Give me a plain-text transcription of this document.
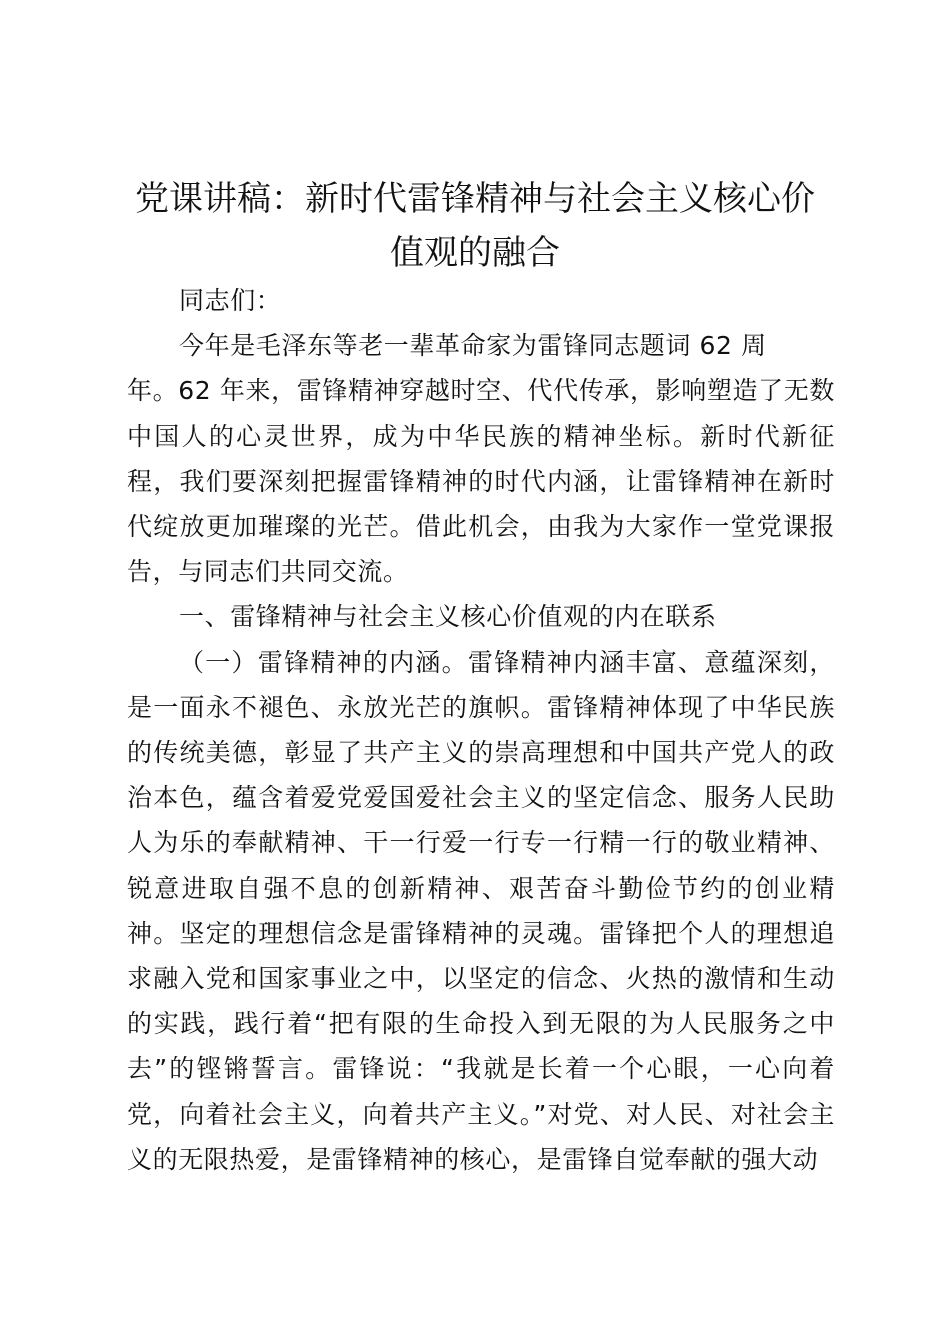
党课讲稿：新时代雷锋精神与社会主义核心价
值观的融合

同志们：

今年是毛泽东等老一辈革命家为雷锋同志题词 62 周

年。62 年来，雷锋精神穿越时空、代代传承，影响塑造了无数中国人的心灵世界，成为中华民族的精神坐标。新时代新征程，我们要深刻把握雷锋精神的时代内涵，让雷锋精神在新时代绽放更加璀璨的光芒。借此机会，由我为大家作一堂党课报告，与同志们共同交流。

一、雷锋精神与社会主义核心价值观的内在联系

（一）雷锋精神的内涵。雷锋精神内涵丰富、意蕴深刻，是一面永不褪色、永放光芒的旗帜。雷锋精神体现了中华民族的传统美德，彰显了共产主义的崇高理想和中国共产党人的政治本色，蕴含着爱党爱国爱社会主义的坚定信念、服务人民助人为乐的奉献精神、干一行爱一行专一行精一行的敬业精神、锐意进取自强不息的创新精神、艰苦奋斗勤俭节约的创业精神。坚定的理想信念是雷锋精神的灵魂。雷锋把个人的理想追求融入党和国家事业之中，以坚定的信念、火热的激情和生动的实践，践行着“把有限的生命投入到无限的为人民服务之中去”的铿锵誓言。雷锋说：“我就是长着一个心眼，一心向着党，向着社会主义，向着共产主义。”对党、对人民、对社会主义的无限热爱，是雷锋精神的核心，是雷锋自觉奉献的强大动
